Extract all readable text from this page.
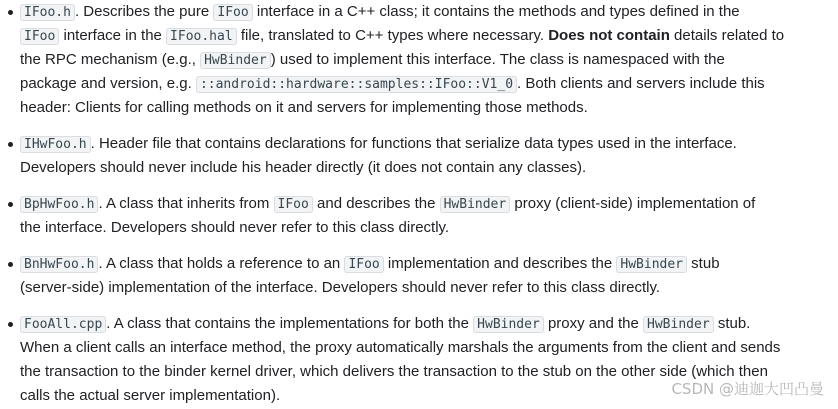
IFoo.h . Describes the pure IFoo interface in a C++ class; it contains the methods and types defined in the
IFoo interface in the IFoo.hal file, translated to C++ types where necessary. Does not contain details related to
the RPC mechanism (e.g., HwBinder ) used to implement this interface. The class is namespaced with the
package and version, e.g. ::android::hardware::samples::IFoo::V1_0 . Both clients and servers include this
header: Clients for calling methods on it and servers for implementing those methods.
IHwFoo.h . Header file that contains declarations for functions that serialize data types used in the interface.
Developers should never include his header directly (it does not contain any classes).
BpHwFoo.h . A class that inherits from IFoo and describes the HwBinder proxy (client-side) implementation of
the interface. Developers should never refer to this class directly.
BnHwFoo.h . A class that holds a reference to an IFoo implementation and describes the HwBinder stub
(server-side) implementation of the interface. Developers should never refer to this class directly.
FooAll.cpp . A class that contains the implementations for both the HwBinder proxy and the HwBinder stub.
When a client calls an interface method, the proxy automatically marshals the arguments from the client and sends
the transaction to the binder kernel driver, which delivers the transaction to the stub on the other side (which then
calls the actual server implementation).	CSDN @迪迦大凹凸曼
